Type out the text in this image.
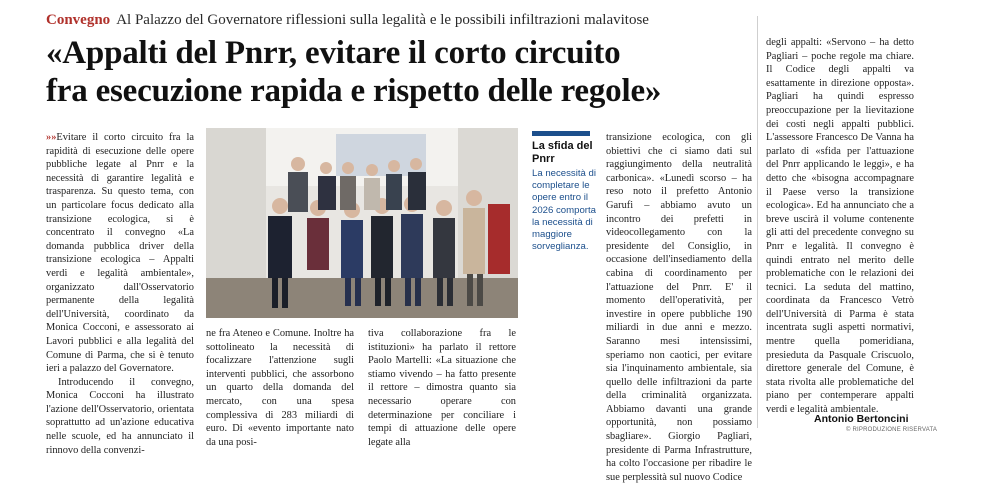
Convegno Al Palazzo del Governatore riflessioni sulla legalità e le possibili infiltrazioni malavitose
«Appalti del Pnrr, evitare il corto circuito
fra esecuzione rapida e rispetto delle regole»

»» Evitare il corto circuito fra la rapidità di esecuzione delle opere pubbliche legate al Pnrr e la necessità di garantire legalità e trasparenza. Su questo tema, con un particolare focus dedicato alla transizione ecologica, si è concentrato il convegno «La domanda pubblica driver della transizione ecologica – Appalti verdi e legalità ambientale», organizzato dall'Osservatorio permanente della legalità dell'Università, coordinato da Monica Cocconi, e assessorato ai Lavori pubblici e alla legalità del Comune di Parma, che si è tenuto ieri a palazzo del Governatore.

Introducendo il convegno, Monica Cocconi ha illustrato l'azione dell'Osservatorio, orientata soprattutto ad un'azione educativa nelle scuole, ed ha annunciato il rinnovo della convenzi-

ne fra Ateneo e Comune. Inoltre ha sottolineato la necessità di focalizzare l'attenzione sugli interventi pubblici, che assorbono un quarto della domanda del mercato, con una spesa complessiva di 283 miliardi di euro. Di «evento importante nato da una posi-

tiva collaborazione fra le istituzioni» ha parlato il rettore Paolo Martelli: «La situazione che stiamo vivendo – ha fatto presente il rettore – dimostra quanto sia necessario operare con determinazione per conciliare i tempi di attuazione delle opere legate alla

La sfida del Pnrr
La necessità di completare le opere entro il 2026 comporta la necessità di maggiore sorveglianza.

transizione ecologica, con gli obiettivi che ci siamo dati sul raggiungimento della neutralità carbonica». «Lunedì scorso – ha reso noto il prefetto Antonio Garufi – abbiamo avuto un incontro dei prefetti in videocollegamento con la presidente del Consiglio, in occasione dell'insediamento della cabina di coordinamento per l'attuazione del Pnrr. E' il momento dell'operatività, per investire in opere pubbliche 190 miliardi in due anni e mezzo. Saranno mesi intensissimi, speriamo non caotici, per evitare sia l'inquinamento ambientale, sia quello delle infiltrazioni da parte della criminalità organizzata. Abbiamo davanti una grande opportunità, non possiamo sbagliare». Giorgio Pagliari, presidente di Parma Infrastrutture, ha colto l'occasione per ribadire le sue perplessità sul nuovo Codice

degli appalti: «Servono – ha detto Pagliari – poche regole ma chiare. Il Codice degli appalti va esattamente in direzione opposta». Pagliari ha quindi espresso preoccupazione per la lievitazione dei costi negli appalti pubblici. L'assessore Francesco De Vanna ha parlato di «sfida per l'attuazione del Pnrr applicando le leggi», e ha detto che «bisogna accompagnare il Paese verso la transizione ecologica». Ed ha annunciato che a breve uscirà il volume contenente gli atti del precedente convegno su Pnrr e legalità. Il convegno è quindi entrato nel merito delle problematiche con le relazioni dei tecnici. La seduta del mattino, coordinata da Francesco Vetrò dell'Università di Parma è stata incentrata sugli aspetti normativi, mentre quella pomeridiana, presieduta da Pasquale Criscuolo, direttore generale del Comune, è stata rivolta alle problematiche del piano per contemperare appalti verdi e legalità ambientale.

Antonio Bertoncini
© RIPRODUZIONE RISERVATA
